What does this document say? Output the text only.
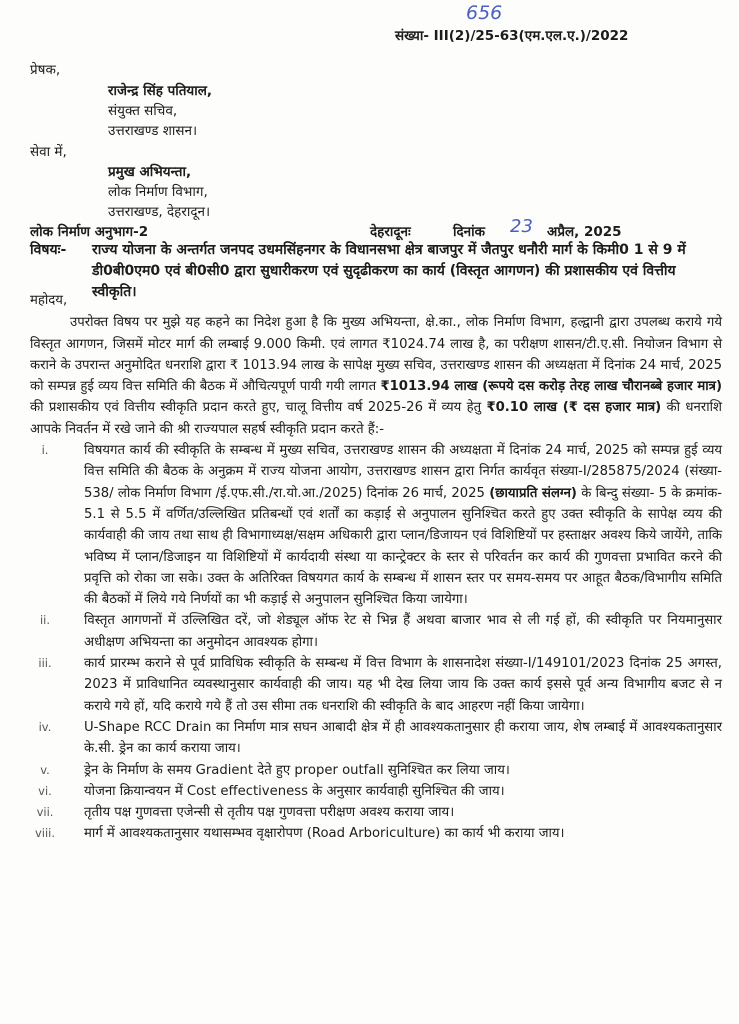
656
संख्या- III(2)/25-63(एम.एल.ए.)/2022
प्रेषक,
राजेन्द्र सिंह पतियाल,
संयुक्त सचिव,
उत्तराखण्ड शासन।
सेवा में,
प्रमुख अभियन्ता,
लोक निर्माण विभाग,
उत्तराखण्ड, देहरादून।
लोक निर्माण अनुभाग-2	देहरादूनः	दिनांक 23 अप्रैल, 2025
विषयः- राज्य योजना के अन्तर्गत जनपद उधमसिंहनगर के विधानसभा क्षेत्र बाजपुर में जैतपुर धनौरी मार्ग के किमी0 1 से 9 में डी0बी0एम0 एवं बी0सी0 द्वारा सुधारीकरण एवं सुदृढीकरण का कार्य (विस्तृत आगणन) की प्रशासकीय एवं वित्तीय स्वीकृति।
महोदय,

उपरोक्त विषय पर मुझे यह कहने का निदेश हुआ है कि मुख्य अभियन्ता, क्षे.का., लोक निर्माण विभाग, हल्द्वानी द्वारा उपलब्ध कराये गये विस्तृत आगणन, जिसमें मोटर मार्ग की लम्बाई 9.000 किमी. एवं लागत ₹1024.74 लाख है, का परीक्षण शासन/टी.ए.सी. नियोजन विभाग से कराने के उपरान्त अनुमोदित धनराशि द्वारा ₹ 1013.94 लाख के सापेक्ष मुख्य सचिव, उत्तराखण्ड शासन की अध्यक्षता में दिनांक 24 मार्च, 2025 को सम्पन्न हुई व्यय वित्त समिति की बैठक में औचित्यपूर्ण पायी गयी लागत ₹1013.94 लाख (रूपये दस करोड़ तेरह लाख चौरानब्बे हजार मात्र) की प्रशासकीय एवं वित्तीय स्वीकृति प्रदान करते हुए, चालू वित्तीय वर्ष 2025-26 में व्यय हेतु ₹0.10 लाख (₹ दस हजार मात्र) की धनराशि आपके निवर्तन में रखे जाने की श्री राज्यपाल सहर्ष स्वीकृति प्रदान करते हैं:-

i.	विषयगत कार्य की स्वीकृति के सम्बन्ध में मुख्य सचिव, उत्तराखण्ड शासन की अध्यक्षता में दिनांक 24 मार्च, 2025 को सम्पन्न हुई व्यय वित्त समिति की बैठक के अनुक्रम में राज्य योजना आयोग, उत्तराखण्ड शासन द्वारा निर्गत कार्यवृत संख्या-I/285875/2024 (संख्या- 538/ लोक निर्माण विभाग /ई.एफ.सी./रा.यो.आ./2025) दिनांक 26 मार्च, 2025 (छायाप्रति संलग्न) के बिन्दु संख्या- 5 के क्रमांक- 5.1 से 5.5 में वर्णित/उल्लिखित प्रतिबन्धों एवं शर्तों का कड़ाई से अनुपालन सुनिश्चित करते हुए उक्त स्वीकृति के सापेक्ष व्यय की कार्यवाही की जाय तथा साथ ही विभागाध्यक्ष/सक्षम अधिकारी द्वारा प्लान/डिजायन एवं विशिष्टियों पर हस्ताक्षर अवश्य किये जायेंगे, ताकि भविष्य में प्लान/डिजाइन या विशिष्टियों में कार्यदायी संस्था या कान्ट्रेक्टर के स्तर से परिवर्तन कर कार्य की गुणवत्ता प्रभावित करने की प्रवृत्ति को रोका जा सके। उक्त के अतिरिक्त विषयगत कार्य के सम्बन्ध में शासन स्तर पर समय-समय पर आहूत बैठक/विभागीय समिति की बैठकों में लिये गये निर्णयों का भी कड़ाई से अनुपालन सुनिश्चित किया जायेगा।
ii.	विस्तृत आगणनों में उल्लिखित दरें, जो शेड्यूल ऑफ रेट से भिन्न हैं अथवा बाजार भाव से ली गई हों, की स्वीकृति पर नियमानुसार अधीक्षण अभियन्ता का अनुमोदन आवश्यक होगा।
iii.	कार्य प्रारम्भ कराने से पूर्व प्राविधिक स्वीकृति के सम्बन्ध में वित्त विभाग के शासनादेश संख्या-I/149101/2023 दिनांक 25 अगस्त, 2023 में प्राविधानित व्यवस्थानुसार कार्यवाही की जाय। यह भी देख लिया जाय कि उक्त कार्य इससे पूर्व अन्य विभागीय बजट से न कराये गये हों, यदि कराये गये हैं तो उस सीमा तक धनराशि की स्वीकृति के बाद आहरण नहीं किया जायेगा।
iv.	U-Shape RCC Drain का निर्माण मात्र सघन आबादी क्षेत्र में ही आवश्यकतानुसार ही कराया जाय, शेष लम्बाई में आवश्यकतानुसार के.सी. ड्रेन का कार्य कराया जाय।
v.	ड्रेन के निर्माण के समय Gradient देते हुए proper outfall सुनिश्चित कर लिया जाय।
vi.	योजना क्रियान्वयन में Cost effectiveness के अनुसार कार्यवाही सुनिश्चित की जाय।
vii.	तृतीय पक्ष गुणवत्ता एजेन्सी से तृतीय पक्ष गुणवत्ता परीक्षण अवश्य कराया जाय।
viii.	मार्ग में आवश्यकतानुसार यथासम्भव वृक्षारोपण (Road Arboriculture) का कार्य भी कराया जाय।
